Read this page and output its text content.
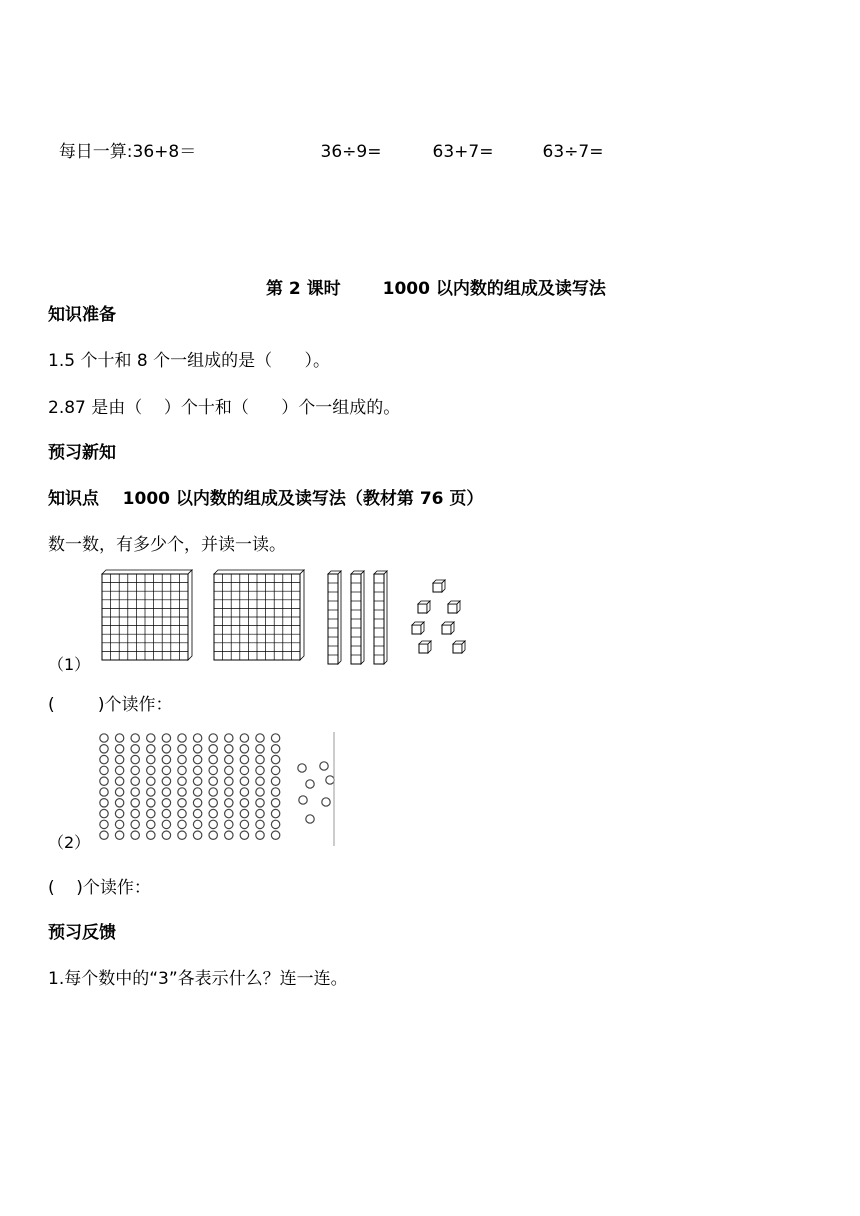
每日一算:36+8＝	36÷9=	63+7=	63÷7=

第 2 课时 1000 以内数的组成及读写法

知识准备
1.5 个十和 8 个一组成的是（      ）。
2.87 是由（    ）个十和（      ）个一组成的。
预习新知
知识点    1000 以内数的组成及读写法（教材第 76 页）
数一数，有多少个，并读一读。
（1）
(        )个读作：
（2）
(    )个读作：
预习反馈
1.每个数中的“3”各表示什么？连一连。
